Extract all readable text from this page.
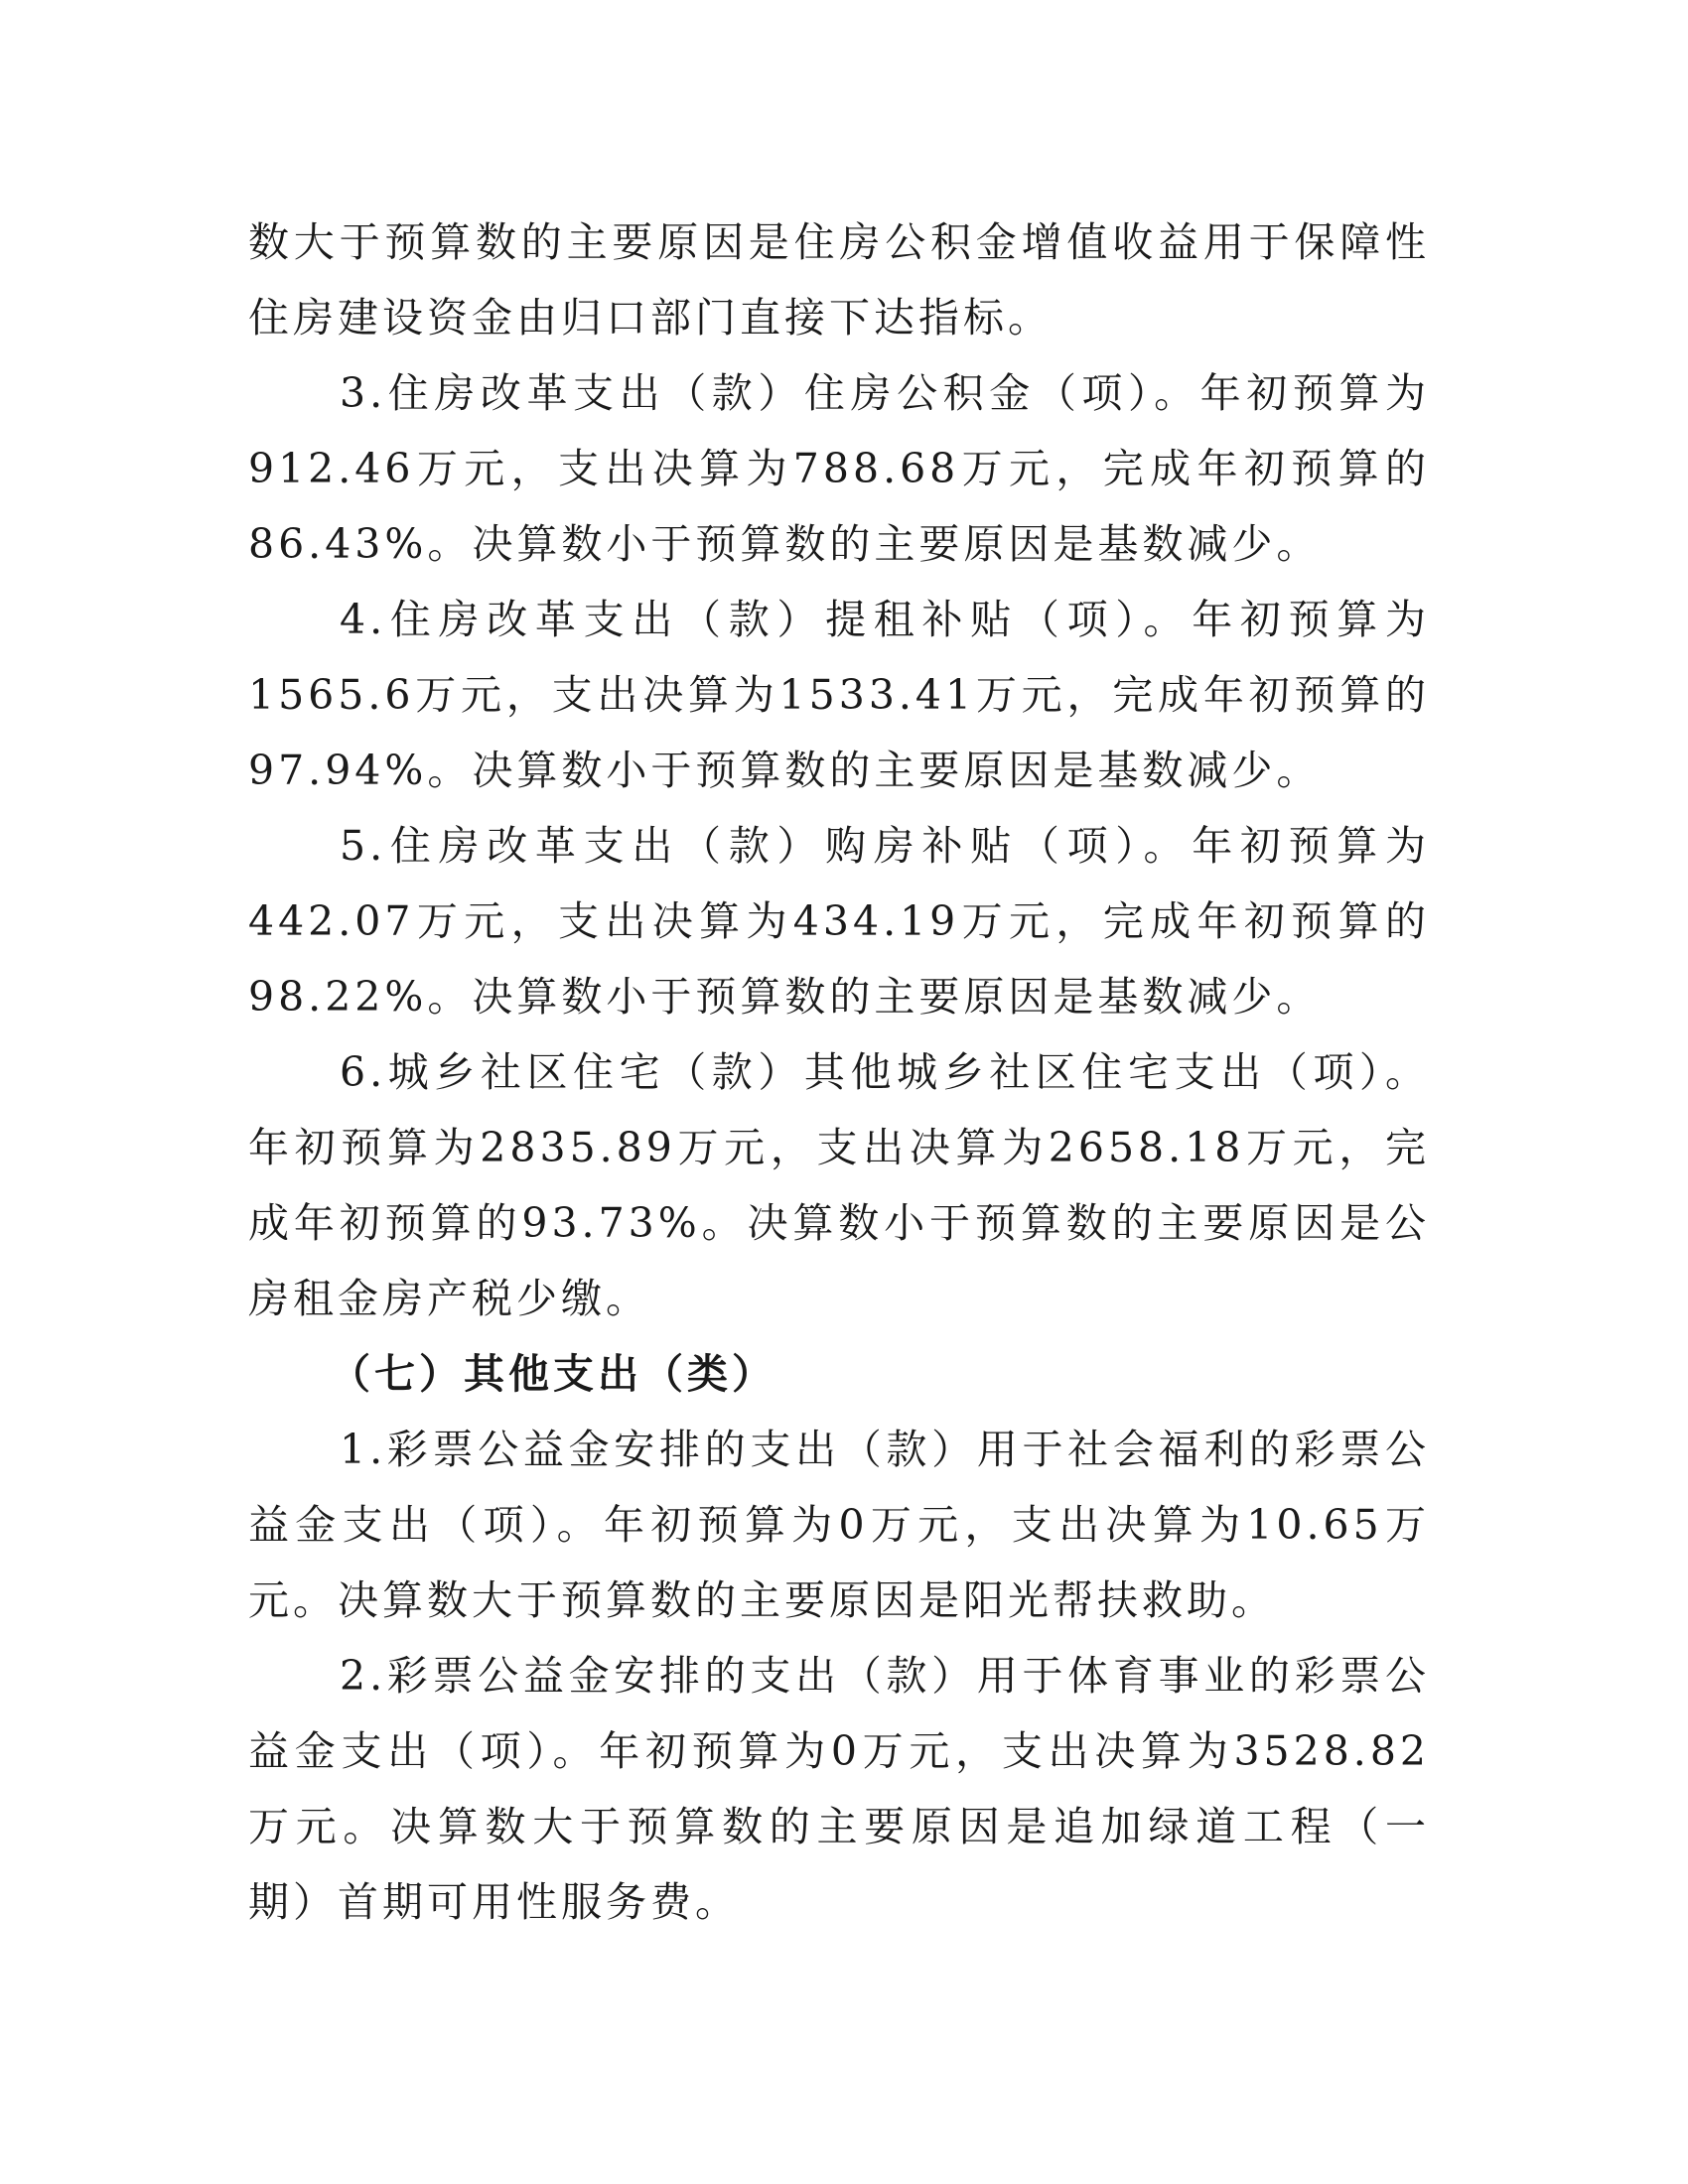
数大于预算数的主要原因是住房公积金增值收益用于保障性住房建设资金由归口部门直接下达指标。

3.住房改革支出（款）住房公积金（项）。年初预算为912.46万元，支出决算为788.68万元，完成年初预算的86.43%。决算数小于预算数的主要原因是基数减少。

4.住房改革支出（款）提租补贴（项）。年初预算为1565.6万元，支出决算为1533.41万元，完成年初预算的97.94%。决算数小于预算数的主要原因是基数减少。

5.住房改革支出（款）购房补贴（项）。年初预算为442.07万元，支出决算为434.19万元，完成年初预算的98.22%。决算数小于预算数的主要原因是基数减少。

6.城乡社区住宅（款）其他城乡社区住宅支出（项）。年初预算为2835.89万元，支出决算为2658.18万元，完成年初预算的93.73%。决算数小于预算数的主要原因是公房租金房产税少缴。

（七）其他支出（类）

1.彩票公益金安排的支出（款）用于社会福利的彩票公益金支出（项）。年初预算为0万元，支出决算为10.65万元。决算数大于预算数的主要原因是阳光帮扶救助。

2.彩票公益金安排的支出（款）用于体育事业的彩票公益金支出（项）。年初预算为0万元，支出决算为3528.82万元。决算数大于预算数的主要原因是追加绿道工程（一期）首期可用性服务费。
